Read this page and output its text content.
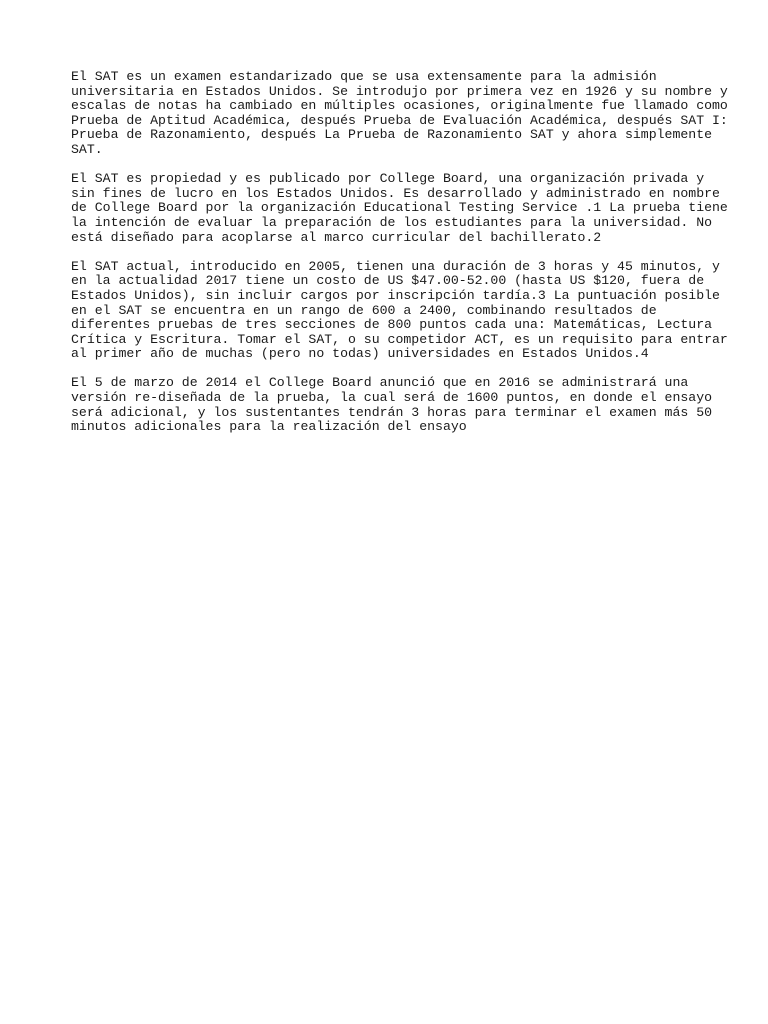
El SAT es un examen estandarizado que se usa extensamente para la admisión
universitaria en Estados Unidos. Se introdujo por primera vez en 1926 y su nombre y
escalas de notas ha cambiado en múltiples ocasiones, originalmente fue llamado como
Prueba de Aptitud Académica, después Prueba de Evaluación Académica, después SAT I:
Prueba de Razonamiento, después La Prueba de Razonamiento SAT y ahora simplemente
SAT.

El SAT es propiedad y es publicado por College Board, una organización privada y
sin fines de lucro en los Estados Unidos. Es desarrollado y administrado en nombre
de College Board por la organización Educational Testing Service .1 La prueba tiene
la intención de evaluar la preparación de los estudiantes para la universidad. No
está diseñado para acoplarse al marco curricular del bachillerato.2

El SAT actual, introducido en 2005, tienen una duración de 3 horas y 45 minutos, y
en la actualidad 2017 tiene un costo de US $47.00-52.00 (hasta US $120, fuera de
Estados Unidos), sin incluir cargos por inscripción tardía.3 La puntuación posible
en el SAT se encuentra en un rango de 600 a 2400, combinando resultados de
diferentes pruebas de tres secciones de 800 puntos cada una: Matemáticas, Lectura
Crítica y Escritura. Tomar el SAT, o su competidor ACT, es un requisito para entrar
al primer año de muchas (pero no todas) universidades en Estados Unidos.4

El 5 de marzo de 2014 el College Board anunció que en 2016 se administrará una
versión re-diseñada de la prueba, la cual será de 1600 puntos, en donde el ensayo
será adicional, y los sustentantes tendrán 3 horas para terminar el examen más 50
minutos adicionales para la realización del ensayo
